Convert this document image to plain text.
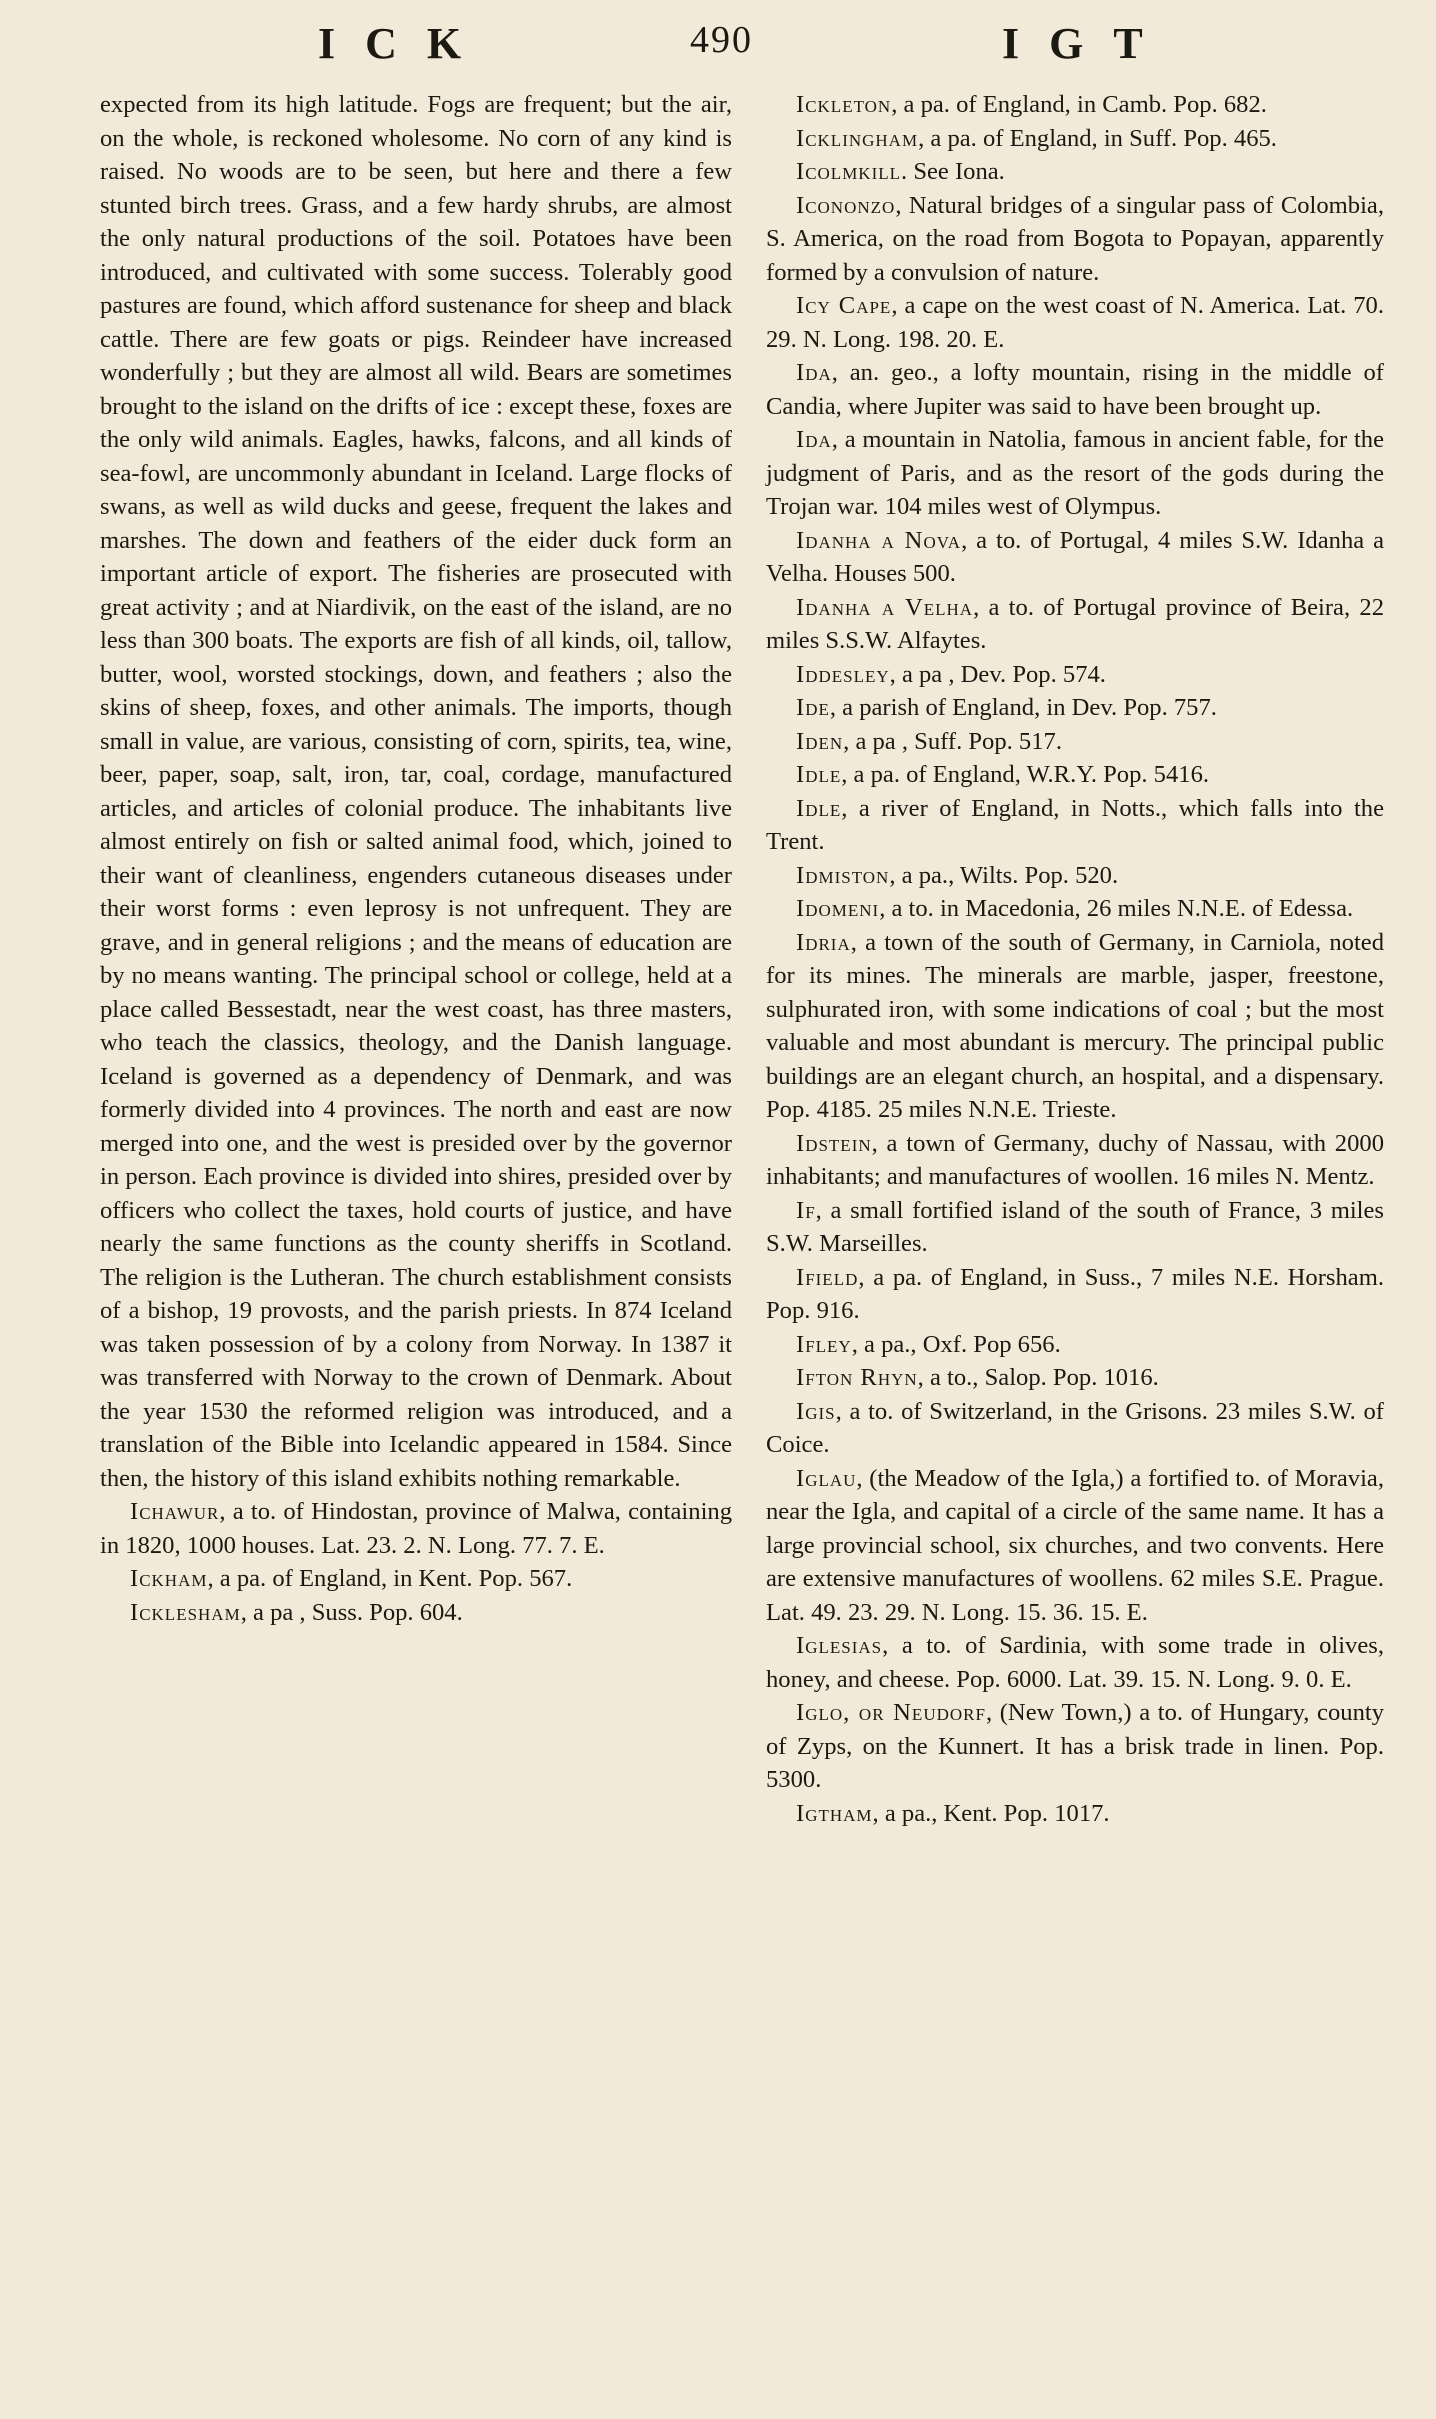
ICK	490	IGT

expected from its high latitude. Fogs are frequent; but the air, on the whole, is reckoned wholesome. No corn of any kind is raised. No woods are to be seen, but here and there a few stunted birch trees. Grass, and a few hardy shrubs, are almost the only natural productions of the soil. Potatoes have been introduced, and cultivated with some success. Tolerably good pastures are found, which afford sustenance for sheep and black cattle. There are few goats or pigs. Reindeer have increased wonderfully ; but they are almost all wild. Bears are sometimes brought to the island on the drifts of ice : except these, foxes are the only wild animals. Eagles, hawks, falcons, and all kinds of sea-fowl, are uncommonly abundant in Iceland. Large flocks of swans, as well as wild ducks and geese, frequent the lakes and marshes. The down and feathers of the eider duck form an important article of export. The fisheries are prosecuted with great activity ; and at Niardivik, on the east of the island, are no less than 300 boats. The exports are fish of all kinds, oil, tallow, butter, wool, worsted stockings, down, and feathers ; also the skins of sheep, foxes, and other animals. The imports, though small in value, are various, consisting of corn, spirits, tea, wine, beer, paper, soap, salt, iron, tar, coal, cordage, manufactured articles, and articles of colonial produce. The inhabitants live almost entirely on fish or salted animal food, which, joined to their want of cleanliness, engenders cutaneous diseases under their worst forms : even leprosy is not unfrequent. They are grave, and in general religions ; and the means of education are by no means wanting. The principal school or college, held at a place called Bessestadt, near the west coast, has three masters, who teach the classics, theology, and the Danish language. Iceland is governed as a dependency of Denmark, and was formerly divided into 4 provinces. The north and east are now merged into one, and the west is presided over by the governor in person. Each province is divided into shires, presided over by officers who collect the taxes, hold courts of justice, and have nearly the same functions as the county sheriffs in Scotland. The religion is the Lutheran. The church establishment consists of a bishop, 19 provosts, and the parish priests. In 874 Iceland was taken possession of by a colony from Norway. In 1387 it was transferred with Norway to the crown of Denmark. About the year 1530 the reformed religion was introduced, and a translation of the Bible into Icelandic appeared in 1584. Since then, the history of this island exhibits nothing remarkable.

Ichawur, a to. of Hindostan, province of Malwa, containing in 1820, 1000 houses. Lat. 23. 2. N. Long. 77. 7. E.

Ickham, a pa. of England, in Kent. Pop. 567.

Icklesham, a pa , Suss. Pop. 604.

Ickleton, a pa. of England, in Camb. Pop. 682.

Icklingham, a pa. of England, in Suff. Pop. 465.

Icolmkill. See Iona.

Icononzo, Natural bridges of a singular pass of Colombia, S. America, on the road from Bogota to Popayan, apparently formed by a convulsion of nature.

Icy Cape, a cape on the west coast of N. America. Lat. 70. 29. N. Long. 198. 20. E.

Ida, an. geo., a lofty mountain, rising in the middle of Candia, where Jupiter was said to have been brought up.

Ida, a mountain in Natolia, famous in ancient fable, for the judgment of Paris, and as the resort of the gods during the Trojan war. 104 miles west of Olympus.

Idanha a Nova, a to. of Portugal, 4 miles S.W. Idanha a Velha. Houses 500.

Idanha a Velha, a to. of Portugal province of Beira, 22 miles S.S.W. Alfaytes.

Iddesley, a pa , Dev. Pop. 574.

Ide, a parish of England, in Dev. Pop. 757.

Iden, a pa , Suff. Pop. 517.

Idle, a pa. of England, W.R.Y. Pop. 5416.

Idle, a river of England, in Notts., which falls into the Trent.

Idmiston, a pa., Wilts. Pop. 520.

Idomeni, a to. in Macedonia, 26 miles N.N.E. of Edessa.

Idria, a town of the south of Germany, in Carniola, noted for its mines. The minerals are marble, jasper, freestone, sulphurated iron, with some indications of coal ; but the most valuable and most abundant is mercury. The principal public buildings are an elegant church, an hospital, and a dispensary. Pop. 4185. 25 miles N.N.E. Trieste.

Idstein, a town of Germany, duchy of Nassau, with 2000 inhabitants; and manufactures of woollen. 16 miles N. Mentz.

If, a small fortified island of the south of France, 3 miles S.W. Marseilles.

Ifield, a pa. of England, in Suss., 7 miles N.E. Horsham. Pop. 916.

Ifley, a pa., Oxf. Pop 656.

Ifton Rhyn, a to., Salop. Pop. 1016.

Igis, a to. of Switzerland, in the Grisons. 23 miles S.W. of Coice.

Iglau, (the Meadow of the Igla,) a fortified to. of Moravia, near the Igla, and capital of a circle of the same name. It has a large provincial school, six churches, and two convents. Here are extensive manufactures of woollens. 62 miles S.E. Prague. Lat. 49. 23. 29. N. Long. 15. 36. 15. E.

Iglesias, a to. of Sardinia, with some trade in olives, honey, and cheese. Pop. 6000. Lat. 39. 15. N. Long. 9. 0. E.

Iglo, or Neudorf, (New Town,) a to. of Hungary, county of Zyps, on the Kunnert. It has a brisk trade in linen. Pop. 5300.

Igtham, a pa., Kent. Pop. 1017.
